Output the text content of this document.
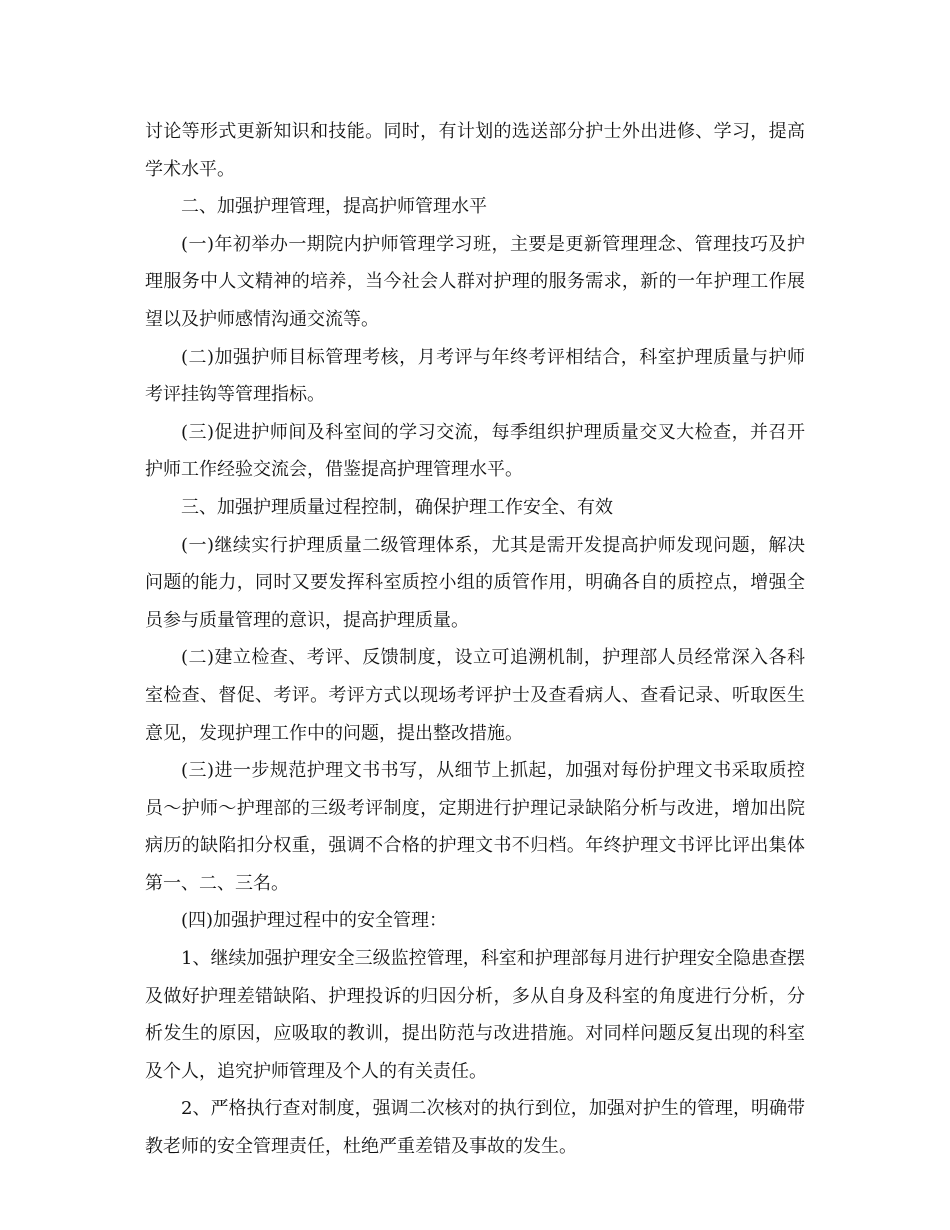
讨论等形式更新知识和技能。同时，有计划的选送部分护士外出进修、学习，提高学术水平。

二、加强护理管理，提高护师管理水平

(一)年初举办一期院内护师管理学习班，主要是更新管理理念、管理技巧及护理服务中人文精神的培养，当今社会人群对护理的服务需求，新的一年护理工作展望以及护师感情沟通交流等。

(二)加强护师目标管理考核，月考评与年终考评相结合，科室护理质量与护师考评挂钩等管理指标。

(三)促进护师间及科室间的学习交流，每季组织护理质量交叉大检查，并召开护师工作经验交流会，借鉴提高护理管理水平。

三、加强护理质量过程控制，确保护理工作安全、有效

(一)继续实行护理质量二级管理体系，尤其是需开发提高护师发现问题，解决问题的能力，同时又要发挥科室质控小组的质管作用，明确各自的质控点，增强全员参与质量管理的意识，提高护理质量。

(二)建立检查、考评、反馈制度，设立可追溯机制，护理部人员经常深入各科室检查、督促、考评。考评方式以现场考评护士及查看病人、查看记录、听取医生意见，发现护理工作中的问题，提出整改措施。

(三)进一步规范护理文书书写，从细节上抓起，加强对每份护理文书采取质控员～护师～护理部的三级考评制度，定期进行护理记录缺陷分析与改进，增加出院病历的缺陷扣分权重，强调不合格的护理文书不归档。年终护理文书评比评出集体第一、二、三名。

(四)加强护理过程中的安全管理：

1、继续加强护理安全三级监控管理，科室和护理部每月进行护理安全隐患查摆及做好护理差错缺陷、护理投诉的归因分析，多从自身及科室的角度进行分析，分析发生的原因，应吸取的教训，提出防范与改进措施。对同样问题反复出现的科室及个人，追究护师管理及个人的有关责任。

2、严格执行查对制度，强调二次核对的执行到位，加强对护生的管理，明确带教老师的安全管理责任，杜绝严重差错及事故的发生。
